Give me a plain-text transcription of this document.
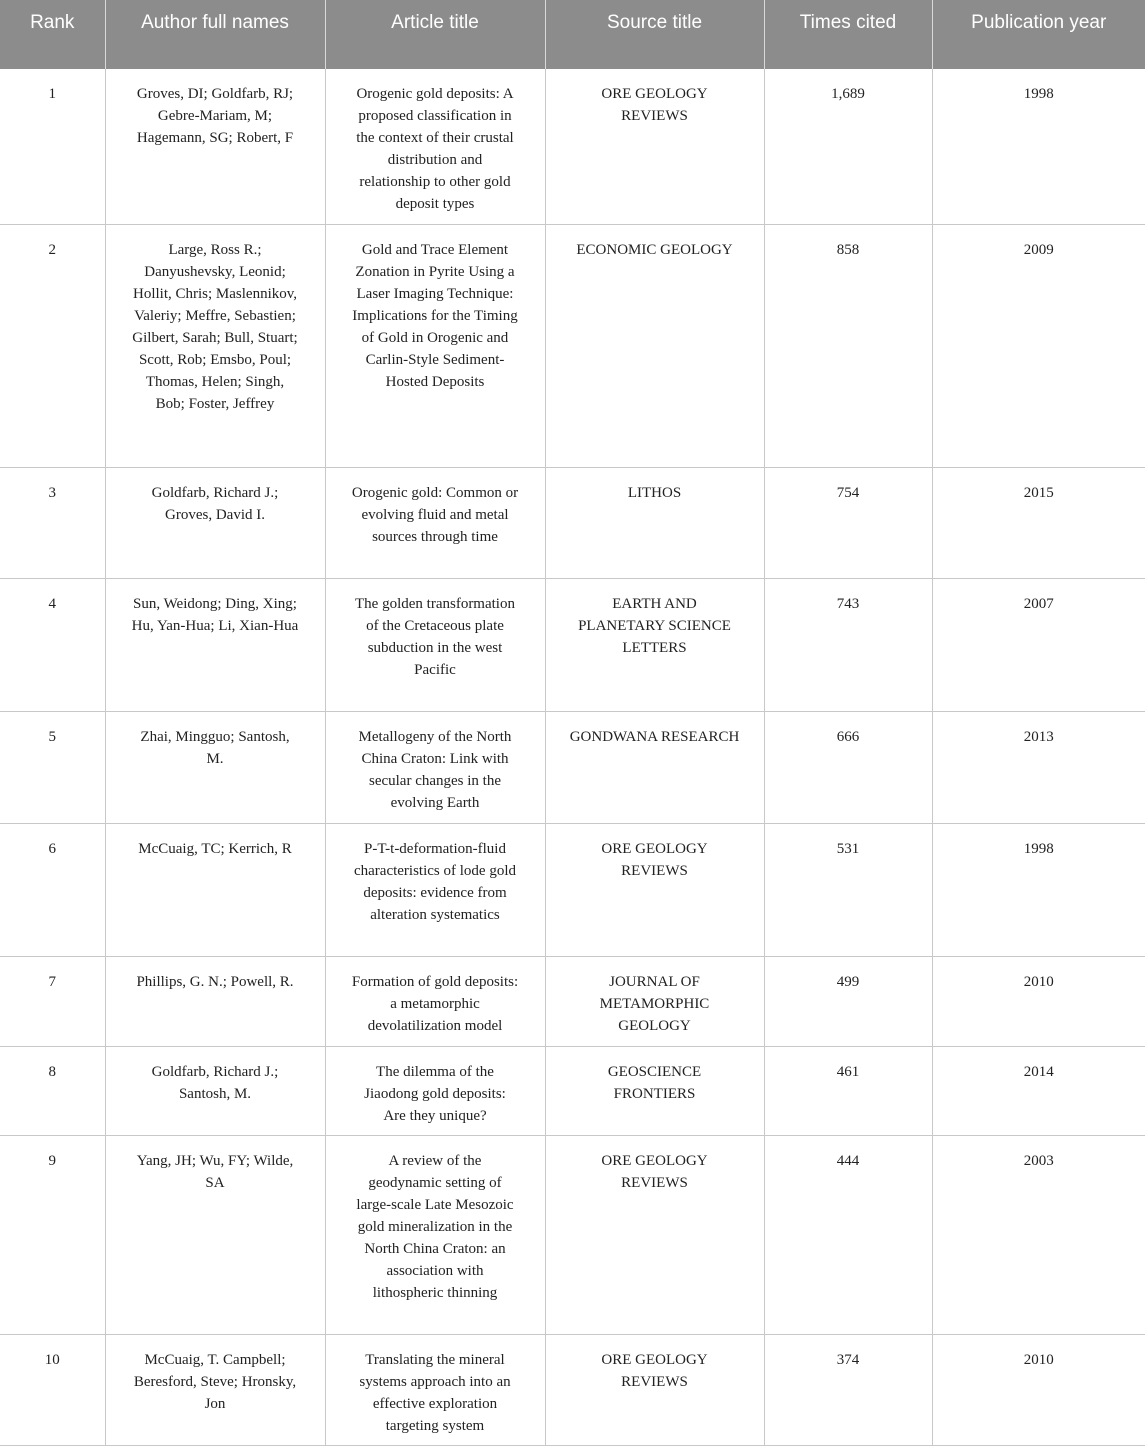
Rank	Author full names	Article title	Source title	Times cited	Publication year
1	Groves, DI; Goldfarb, RJ; Gebre-Mariam, M; Hagemann, SG; Robert, F	Orogenic gold deposits: A proposed classification in the context of their crustal distribution and relationship to other gold deposit types	ORE GEOLOGY REVIEWS	1,689	1998
2	Large, Ross R.; Danyushevsky, Leonid; Hollit, Chris; Maslennikov, Valeriy; Meffre, Sebastien; Gilbert, Sarah; Bull, Stuart; Scott, Rob; Emsbo, Poul; Thomas, Helen; Singh, Bob; Foster, Jeffrey	Gold and Trace Element Zonation in Pyrite Using a Laser Imaging Technique: Implications for the Timing of Gold in Orogenic and Carlin-Style Sediment-Hosted Deposits	ECONOMIC GEOLOGY	858	2009
3	Goldfarb, Richard J.; Groves, David I.	Orogenic gold: Common or evolving fluid and metal sources through time	LITHOS	754	2015
4	Sun, Weidong; Ding, Xing; Hu, Yan-Hua; Li, Xian-Hua	The golden transformation of the Cretaceous plate subduction in the west Pacific	EARTH AND PLANETARY SCIENCE LETTERS	743	2007
5	Zhai, Mingguo; Santosh, M.	Metallogeny of the North China Craton: Link with secular changes in the evolving Earth	GONDWANA RESEARCH	666	2013
6	McCuaig, TC; Kerrich, R	P-T-t-deformation-fluid characteristics of lode gold deposits: evidence from alteration systematics	ORE GEOLOGY REVIEWS	531	1998
7	Phillips, G. N.; Powell, R.	Formation of gold deposits: a metamorphic devolatilization model	JOURNAL OF METAMORPHIC GEOLOGY	499	2010
8	Goldfarb, Richard J.; Santosh, M.	The dilemma of the Jiaodong gold deposits: Are they unique?	GEOSCIENCE FRONTIERS	461	2014
9	Yang, JH; Wu, FY; Wilde, SA	A review of the geodynamic setting of large-scale Late Mesozoic gold mineralization in the North China Craton: an association with lithospheric thinning	ORE GEOLOGY REVIEWS	444	2003
10	McCuaig, T. Campbell; Beresford, Steve; Hronsky, Jon	Translating the mineral systems approach into an effective exploration targeting system	ORE GEOLOGY REVIEWS	374	2010
